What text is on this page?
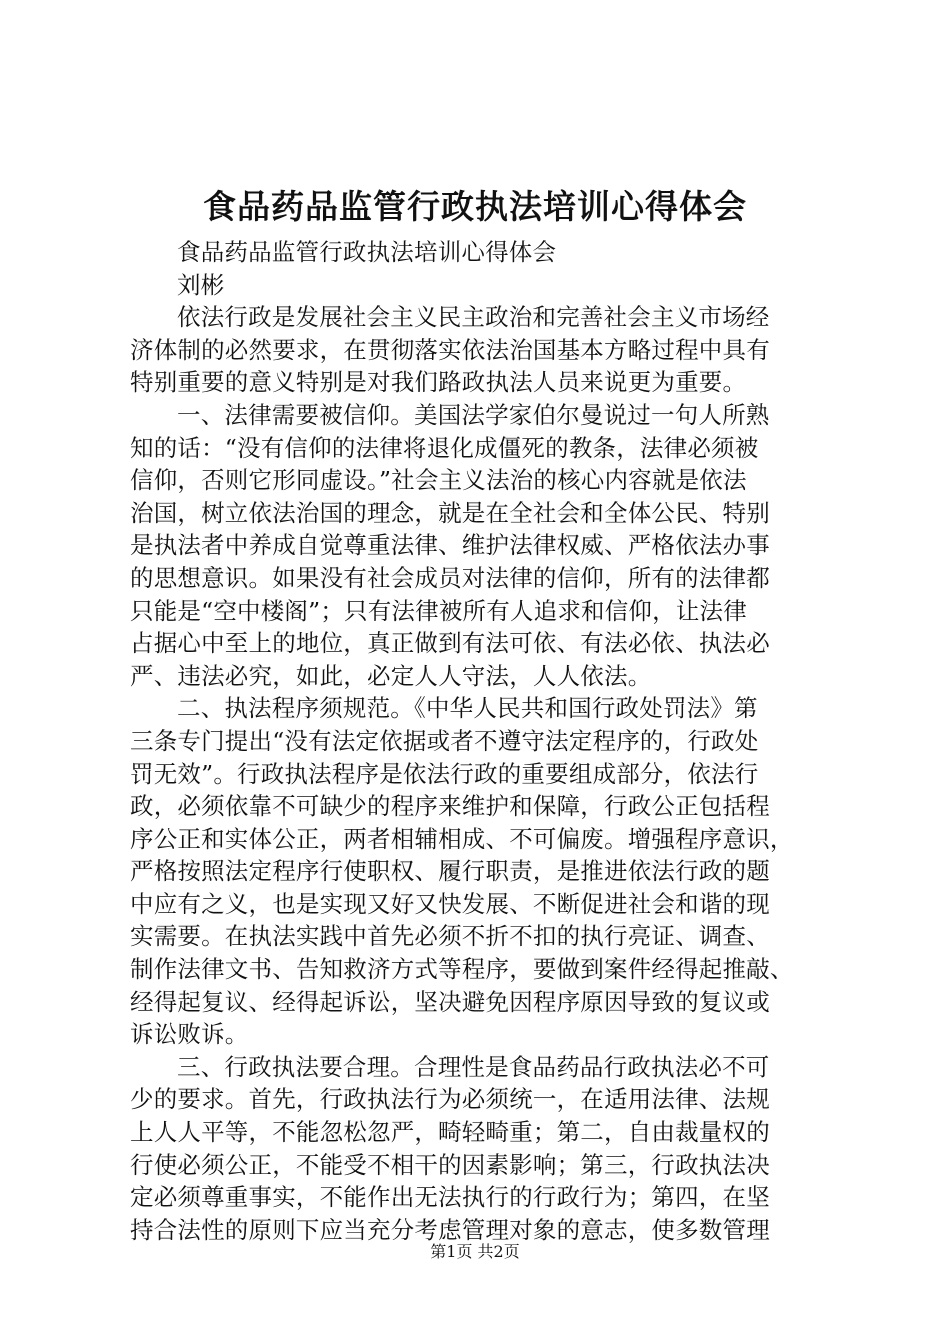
食品药品监管行政执法培训心得体会
食品药品监管行政执法培训心得体会
刘彬
依法行政是发展社会主义民主政治和完善社会主义市场经
济体制的必然要求，在贯彻落实依法治国基本方略过程中具有
特别重要的意义特别是对我们路政执法人员来说更为重要。
一、法律需要被信仰。美国法学家伯尔曼说过一句人所熟
知的话：“没有信仰的法律将退化成僵死的教条，法律必须被
信仰，否则它形同虚设。”社会主义法治的核心内容就是依法
治国，树立依法治国的理念，就是在全社会和全体公民、特别
是执法者中养成自觉尊重法律、维护法律权威、严格依法办事
的思想意识。如果没有社会成员对法律的信仰，所有的法律都
只能是“空中楼阁”；只有法律被所有人追求和信仰，让法律
占据心中至上的地位，真正做到有法可依、有法必依、执法必
严、违法必究，如此，必定人人守法，人人依法。
二、执法程序须规范。《中华人民共和国行政处罚法》第
三条专门提出“没有法定依据或者不遵守法定程序的，行政处
罚无效”。行政执法程序是依法行政的重要组成部分，依法行
政，必须依靠不可缺少的程序来维护和保障，行政公正包括程
序公正和实体公正，两者相辅相成、不可偏废。增强程序意识，
严格按照法定程序行使职权、履行职责，是推进依法行政的题
中应有之义，也是实现又好又快发展、不断促进社会和谐的现
实需要。在执法实践中首先必须不折不扣的执行亮证、调查、
制作法律文书、告知救济方式等程序，要做到案件经得起推敲、
经得起复议、经得起诉讼，坚决避免因程序原因导致的复议或
诉讼败诉。
三、行政执法要合理。合理性是食品药品行政执法必不可
少的要求。首先，行政执法行为必须统一，在适用法律、法规
上人人平等，不能忽松忽严，畸轻畸重；第二，自由裁量权的
行使必须公正，不能受不相干的因素影响；第三，行政执法决
定必须尊重事实，不能作出无法执行的行政行为；第四，在坚
持合法性的原则下应当充分考虑管理对象的意志，使多数管理
第1页 共2页
